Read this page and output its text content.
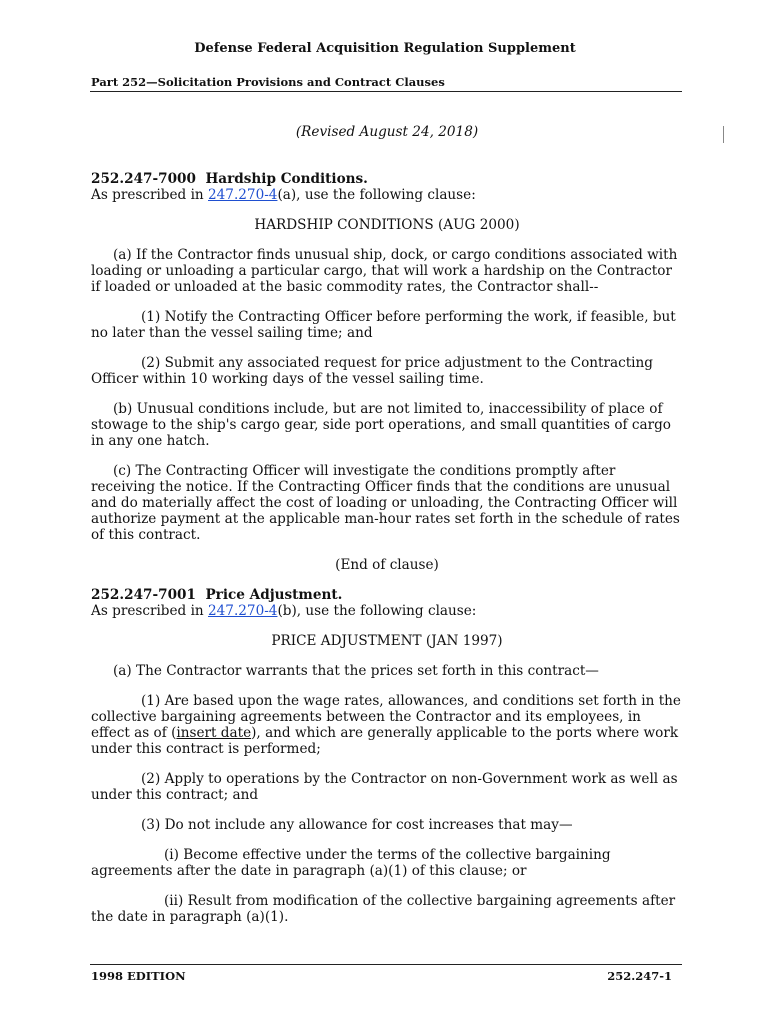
Defense Federal Acquisition Regulation Supplement
Part 252—Solicitation Provisions and Contract Clauses

(Revised August 24, 2018)

252.247-7000 Hardship Conditions.

As prescribed in 247.270-4(a), use the following clause:

HARDSHIP CONDITIONS (AUG 2000)

(a) If the Contractor finds unusual ship, dock, or cargo conditions associated with loading or unloading a particular cargo, that will work a hardship on the Contractor if loaded or unloaded at the basic commodity rates, the Contractor shall--

(1) Notify the Contracting Officer before performing the work, if feasible, but no later than the vessel sailing time; and

(2) Submit any associated request for price adjustment to the Contracting Officer within 10 working days of the vessel sailing time.

(b) Unusual conditions include, but are not limited to, inaccessibility of place of stowage to the ship's cargo gear, side port operations, and small quantities of cargo in any one hatch.

(c) The Contracting Officer will investigate the conditions promptly after receiving the notice. If the Contracting Officer finds that the conditions are unusual and do materially affect the cost of loading or unloading, the Contracting Officer will authorize payment at the applicable man-hour rates set forth in the schedule of rates of this contract.

(End of clause)

252.247-7001 Price Adjustment.

As prescribed in 247.270-4(b), use the following clause:

PRICE ADJUSTMENT (JAN 1997)

(a) The Contractor warrants that the prices set forth in this contract—

(1) Are based upon the wage rates, allowances, and conditions set forth in the collective bargaining agreements between the Contractor and its employees, in effect as of (insert date), and which are generally applicable to the ports where work under this contract is performed;

(2) Apply to operations by the Contractor on non-Government work as well as under this contract; and

(3) Do not include any allowance for cost increases that may—

(i) Become effective under the terms of the collective bargaining agreements after the date in paragraph (a)(1) of this clause; or

(ii) Result from modification of the collective bargaining agreements after the date in paragraph (a)(1).

1998 EDITION	252.247-1
